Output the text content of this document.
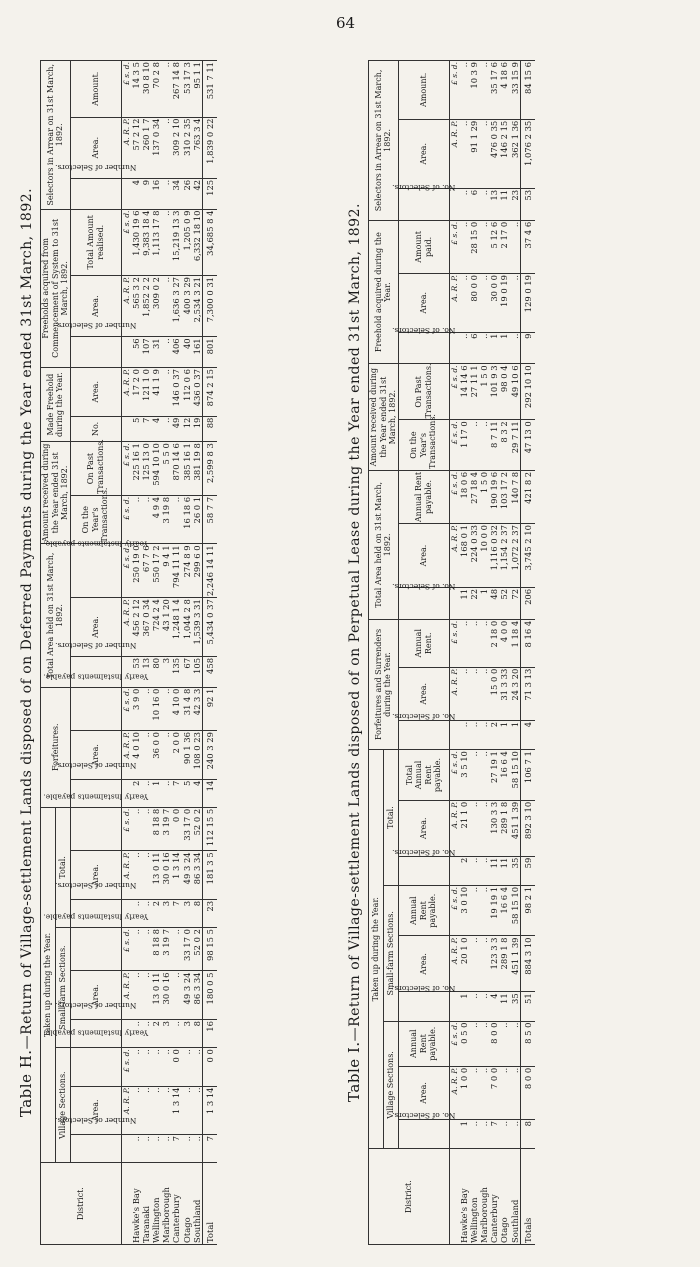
64
Table H.—Return of Village-settlement Lands disposed of on Deferred Payments during the Year ended 31st March, 1892.
District.	Taken up during the Year.									Forfeitures.			Total Area held on 31st March, 1892.			Amount received during the Year ended 31st March, 1892.		Made Freehold during the Year.		Freeholds acquired from Commencement of System to 31st March, 1892.			Selectors in Arrear on 31st March, 1892.		
	Village Sections.			Small-farm Sections.			Total.																		
	Number of Selectors.	Area.	Yearly Instalments payable.	Number of Selectors.	Area.	Yearly Instalments payable.	Number of Selectors.	Area.	Yearly Instalments payable.	Number of Selectors.	Area.	Yearly Instalments payable.	Number of Selectors.	Area.	Yearly Instalments payable.	On the Year's Transactions.	On Past Transactions.	No.	Area.	Number of Selectors.	Area.	Total Amount realised.	Number of Selectors.	Area.	Amount.
		A. R. P.	£ s. d.		A. R. P.	£ s. d.		A. R. P.	£ s. d.		A. R. P.	£ s. d.		A. R. P.	£ s. d.	£ s. d.	£ s. d.		A. R. P.		A. R. P.	£ s. d.		A. R. P.	£ s. d.
Hawke's Bay	..	..	..	..	..	..	..	..	..	2	4 0 10	3 9 0	53	456 2 12	250 19 0	..	225 16 1	5	17 2 0	56	565 3 2	1,430 19 6	4	57 2 12	14 3 5
Taranaki	..	..	..	..	..	..	..	..	..	..	..	..	13	367 0 34	67 7 6	..	125 13 0	7	121 1 0	107	1,852 2 2	9,383 18 4	9	260 1 7	30 8 10
Wellington	..	..	..	2	13 0 11	8 18 8	2	13 0 11	8 18 8	1	36 0 0	10 16 0	80	724 2 4	550 17 2	4 9 4	594 10 10	4	41 1 9	31	309 0 2	1,113 17 8	16	137 0 34	70 2 8
Marlborough	..	..	..	3	30 0 16	3 19 7	3	30 0 16	3 19 7	..	..	..	3	43 1 20	9 4 1	3 19 8	5 5 0	..	..	..	..	..	..	..	..
Canterbury	7	1 3 14	0 0	..	..	..	7	1 3 14	0 0	7	2 0 0	4 10 0	135	1,248 1 4	794 11 11	..	870 14 6	49	146 0 37	406	1,636 3 27	15,219 13 3	34	309 2 10	267 14 8
Otago	..	..	..	3	49 3 24	33 17 0	3	49 3 24	33 17 0	5	90 1 36	31 4 8	67	1,044 2 8	274 8 9	16 18 6	385 16 1	12	112 0 6	40	400 3 29	1,205 0 9	26	310 2 35	53 17 3
Southland	..	..	..	8	86 3 34	52 0 2	8	86 3 34	52 0 2	4	108 0 23	42 3 3	105	1,539 3 31	299 6 0	26 0 1	381 19 8	19	436 0 37	161	2,534 3 21	6,332 18 10	42	763 3 4	95 1 1
Total	7	1 3 14	0 0	16	180 0 5	98 15 5	23	181 3 5	112 15 5	14	240 3 29	92 1	458	5,434 0 37	2,246 14 11	58 7 7	2,599 8 3	88	874 2 15	801	7,300 0 31	34,685 8 4	125	1,839 0 22	531 7 11
Table I.—Return of Village-settlement Lands disposed of on Perpetual Lease during the Year ended 31st March, 1892.
District.	Taken up during the Year.									Forfeitures and Surrenders during the Year.			Total Area held on 31st March, 1892.			Amount received during the Year ended 31st March, 1892.		Freehold acquired during the Year.			Selectors in Arrear on 31st March, 1892.		
	Village Sections.			Small-farm Sections.			Total.																
	No. of Selectors.	Area.	Annual Rent payable.	No. of Selectors.	Area.	Annual Rent payable.	No. of Selectors.	Area.	Total Annual Rent payable.	No. of Selectors.	Area.	Annual Rent.	No. of Selectors.	Area.	Annual Rent payable.	On the Year's Transactions.	On Past Transactions.	No. of Selectors.	Area.	Amount paid.	No. of Selectors.	Area.	Amount.
		A. R. P.	£ s. d.		A. R. P.	£ s. d.		A. R. P.	£ s. d.		A. R. P.	£ s. d.		A. R. P.	£ s. d.	£ s. d.	£ s. d.		A. R. P.	£ s. d.		A. R. P.	£ s. d.
Hawke's Bay	1	1 0 0	0 5 0	1	20 1 0	3 0 10	2	21 1 0	3 5 10	..	..	..	11	168 0 1	18 0 6	1 17 0	14 14 6	..	..	..	..	..	..
Wellington	..	..	..	..	..	..	..	..	..	..	..	..	22	224 0 33	27 18 4	..	27 11 1	6	80 0 0	28 15 0	6	91 1 29	10 3 9
Marlborough	..	..	..	..	..	..	..	..	..	..	..	..	1	10 0 0	1 5 0	..	1 5 0	..	..	..	..	..	..
Canterbury	7	7 0 0	8 0 0	4	123 3 3	19 19 1	11	130 3 3	27 19 1	2	15 0 0	2 18 0	48	1,116 0 32	190 19 6	8 7 11	101 9 3	1	30 0 0	5 12 6	13	476 0 35	35 17 6
Otago	..	..	..	11	289 1 8	16 6 4	11	289 1 8	16 6 4	1	31 3 33	4 0 0	52	1,154 2 37	103 17 2	8 3 2	98 0 4	1	19 0 19	2 17 0	11	146 2 15	4 18 6
Southland	..	..	..	35	451 1 39	58 15 10	35	451 1 39	58 15 10	1	24 3 20	1 18 4	72	1,072 2 37	140 7 8	29 7 11	49 10 6	..	..	..	23	362 1 36	33 15 9
Totals	8	8 0 0	8 5 0	51	884 3 10	98 2 1	59	892 3 10	106 7 1	4	71 3 13	8 16 4	206	3,745 2 10	421 8 2	47 13 0	292 10 10	9	129 0 19	37 4 6	53	1,076 2 35	84 15 6
